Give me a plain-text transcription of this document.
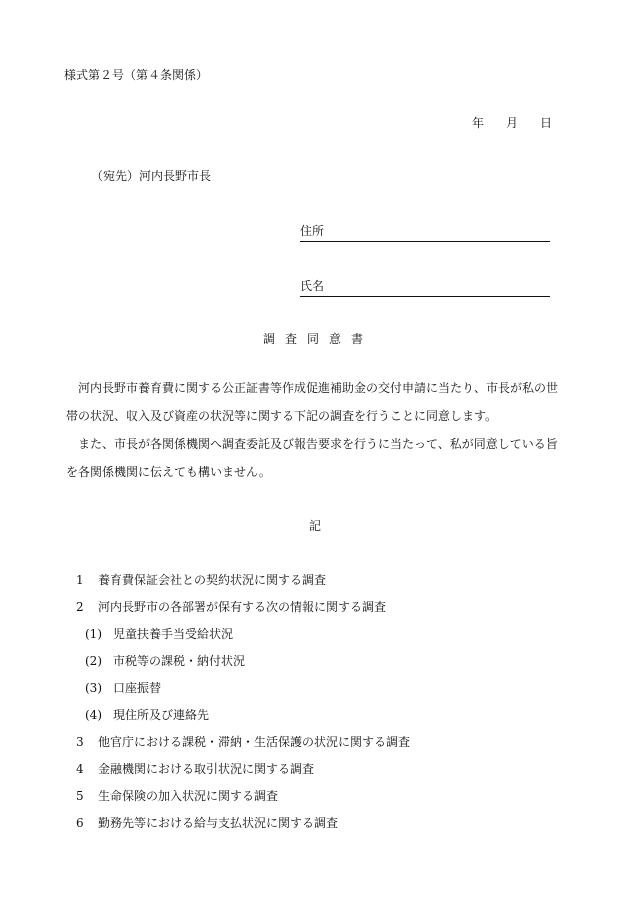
様式第２号（第４条関係）
年 月 日
（宛先）河内長野市長
住所
氏名
調査同意書

河内長野市養育費に関する公正証書等作成促進補助金の交付申請に当たり、市長が私の世帯の状況、収入及び資産の状況等に関する下記の調査を行うことに同意します。

また、市長が各関係機関へ調査委託及び報告要求を行うに当たって、私が同意している旨を各関係機関に伝えても構いません。

記
1 養育費保証会社との契約状況に関する調査
2 河内長野市の各部署が保有する次の情報に関する調査
(1) 児童扶養手当受給状況
(2) 市税等の課税・納付状況
(3) 口座振替
(4) 現住所及び連絡先
3 他官庁における課税・滞納・生活保護の状況に関する調査
4 金融機関における取引状況に関する調査
5 生命保険の加入状況に関する調査
6 勤務先等における給与支払状況に関する調査
